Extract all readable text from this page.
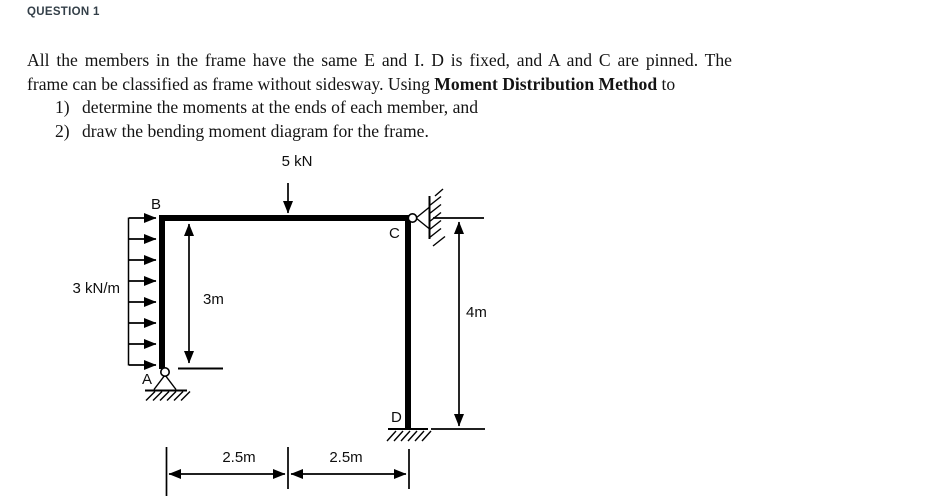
QUESTION 1
All the members in the frame have the same E and I. D is fixed, and A and C are pinned. The
frame can be classified as frame without sidesway. Using Moment Distribution Method to
1) determine the moments at the ends of each member, and
2) draw the bending moment diagram for the frame.
5 kN
3 kN/m
3m
4m
2.5m	2.5m
B
A
C
D
